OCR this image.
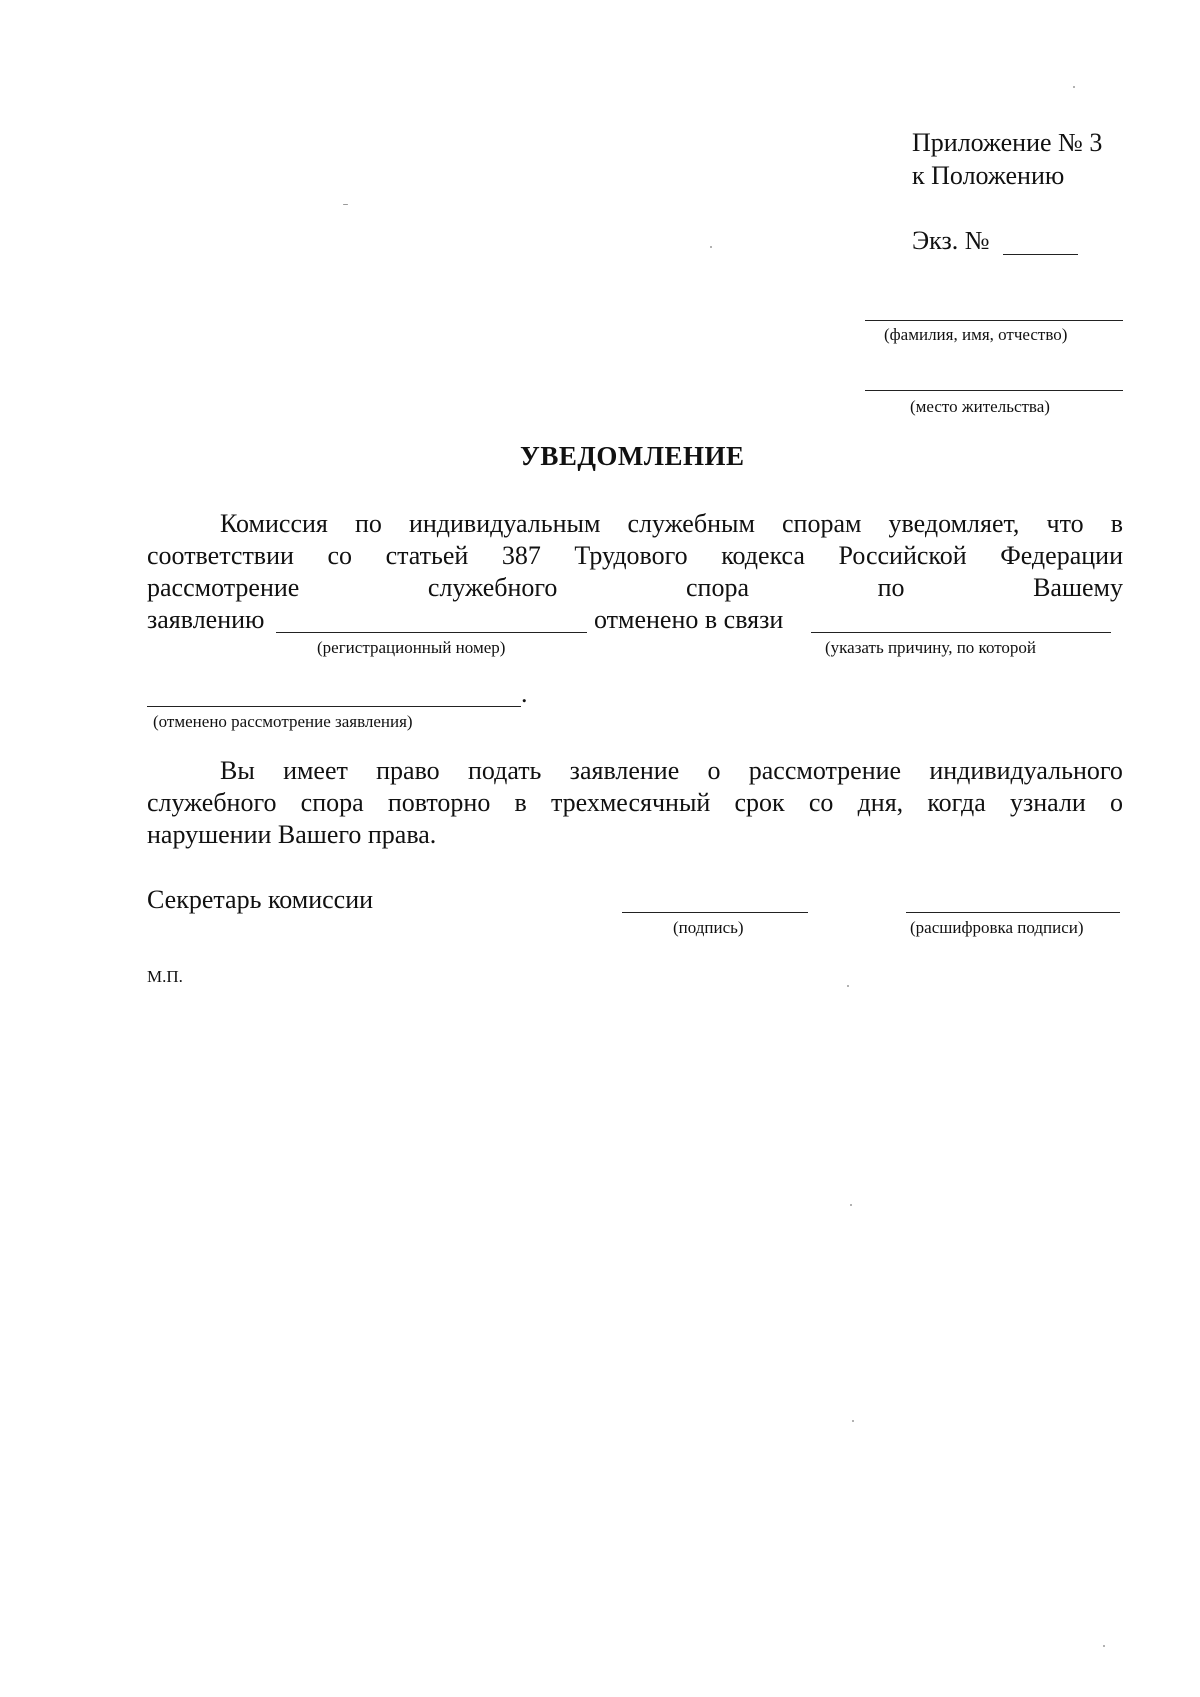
Приложение № 3
к Положению
Экз. №
(фамилия, имя, отчество)
(место жительства)
УВЕДОМЛЕНИЕ
Комиссия по индивидуальным служебным спорам уведомляет, что в
соответствии со статьей 387 Трудового кодекса Российской Федерации
рассмотрение	служебного	спора	по	Вашему
заявлению	отменено в связи
(регистрационный номер)	(указать причину, по которой
.
(отменено рассмотрение заявления)
Вы имеет право подать заявление о рассмотрение индивидуального
служебного спора повторно в трехмесячный срок со дня, когда узнали о
нарушении Вашего права.
Секретарь комиссии
(подпись)	(расшифровка подписи)
М.П.
